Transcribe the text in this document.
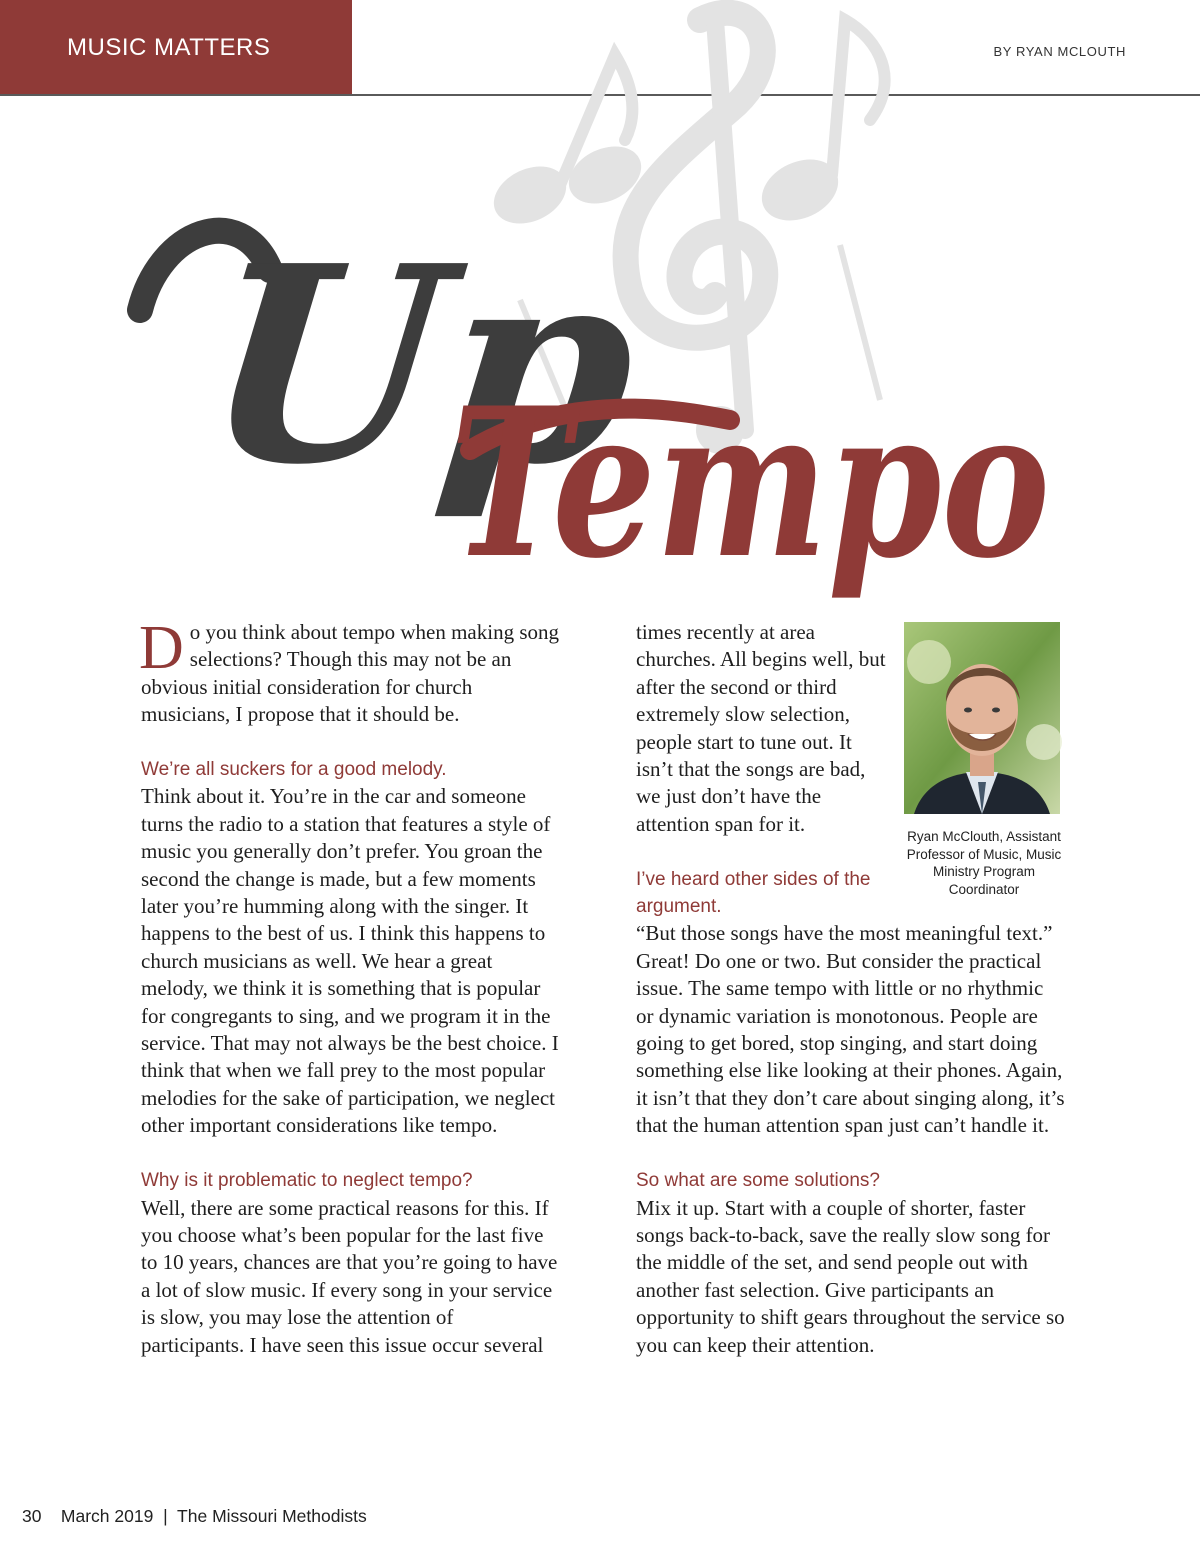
MUSIC MATTERS	BY RYAN MCLOUTH
Up
Tempo

Do you think about tempo when making song selections? Though this may not be an obvious initial consideration for church musicians, I propose that it should be.

We’re all suckers for a good melody.

Think about it. You’re in the car and someone turns the radio to a station that features a style of music you generally don’t prefer. You groan the second the change is made, but a few moments later you’re humming along with the singer. It happens to the best of us. I think this happens to church musicians as well. We hear a great melody, we think it is something that is popular for congregants to sing, and we program it in the service. That may not always be the best choice. I think that when we fall prey to the most popular melodies for the sake of participation, we neglect other important considerations like tempo.

Why is it problematic to neglect tempo?

Well, there are some practical reasons for this. If you choose what’s been popular for the last five to 10 years, chances are that you’re going to have a lot of slow music. If every song in your service is slow, you may lose the attention of participants. I have seen this issue occur several

times recently at area churches. All begins well, but after the second or third extremely slow selection, people start to tune out. It isn’t that the songs are bad, we just don’t have the attention span for it.

I’ve heard other sides of the argument.

“But those songs have the most meaningful text.” Great! Do one or two. But consider the practical issue. The same tempo with little or no rhythmic or dynamic variation is monotonous. People are going to get bored, stop singing, and start doing something else like looking at their phones. Again, it isn’t that they don’t care about singing along, it’s that the human attention span just can’t handle it.

So what are some solutions?

Mix it up. Start with a couple of shorter, faster songs back-to-back, save the really slow song for the middle of the set, and send people out with another fast selection. Give participants an opportunity to shift gears throughout the service so you can keep their attention.

Ryan McClouth, Assistant Professor of Music, Music Ministry Program Coordinator
30 March 2019 | The Missouri Methodists
